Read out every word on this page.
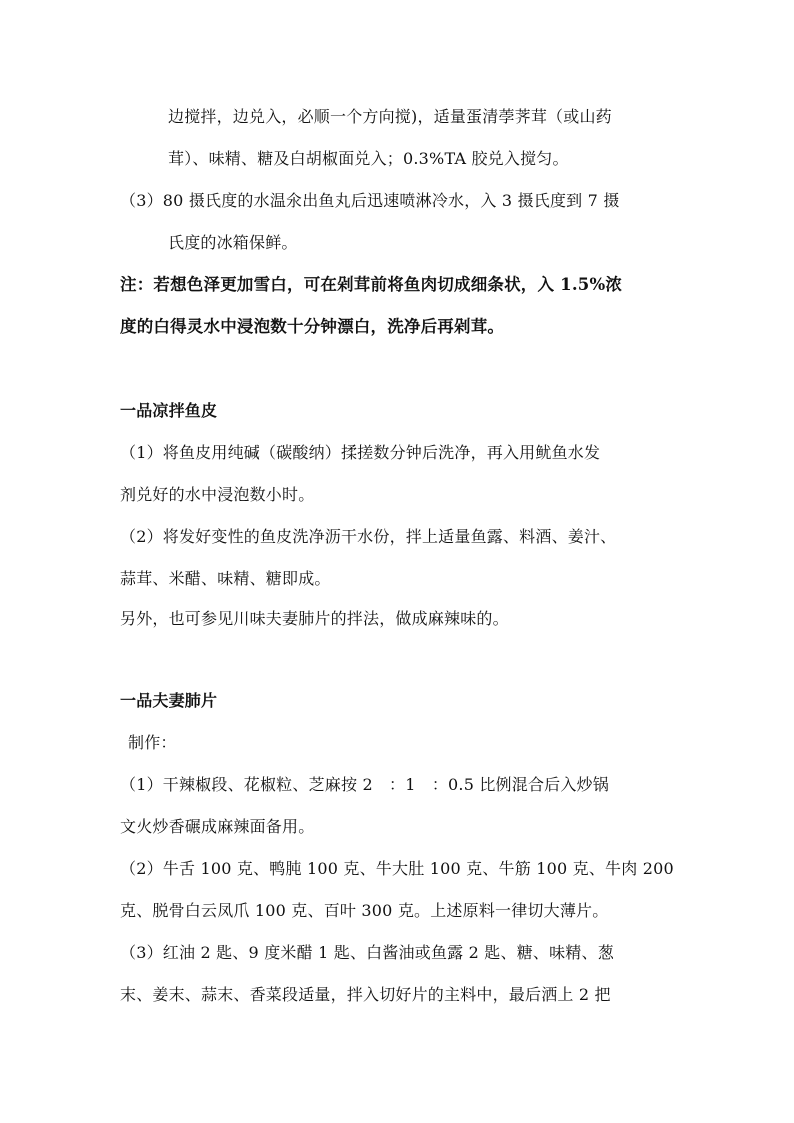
边搅拌，边兑入，必顺一个方向搅)，适量蛋清荸荠茸（或山药
茸）、味精、糖及白胡椒面兑入；0.3%TA 胶兑入搅匀。
（3）80 摄氏度的水温氽出鱼丸后迅速喷淋冷水，入 3 摄氏度到 7 摄
氏度的冰箱保鲜。
注：若想色泽更加雪白，可在剁茸前将鱼肉切成细条状，入 1.5%浓
度的白得灵水中浸泡数十分钟漂白，洗净后再剁茸。
一品凉拌鱼皮
（1）将鱼皮用纯碱（碳酸纳）揉搓数分钟后洗净，再入用鱿鱼水发
剂兑好的水中浸泡数小时。
（2）将发好变性的鱼皮洗净沥干水份，拌上适量鱼露、料酒、姜汁、
蒜茸、米醋、味精、糖即成。
另外，也可参见川味夫妻肺片的拌法，做成麻辣味的。
一品夫妻肺片
制作：
（1）干辣椒段、花椒粒、芝麻按 2　：1　：0.5 比例混合后入炒锅
文火炒香碾成麻辣面备用。
（2）牛舌 100 克、鸭肫 100 克、牛大肚 100 克、牛筋 100 克、牛肉 200
克、脱骨白云凤爪 100 克、百叶 300 克。上述原料一律切大薄片。
（3）红油 2 匙、9 度米醋 1 匙、白酱油或鱼露 2 匙、糖、味精、葱
末、姜末、蒜末、香菜段适量，拌入切好片的主料中，最后洒上 2 把
